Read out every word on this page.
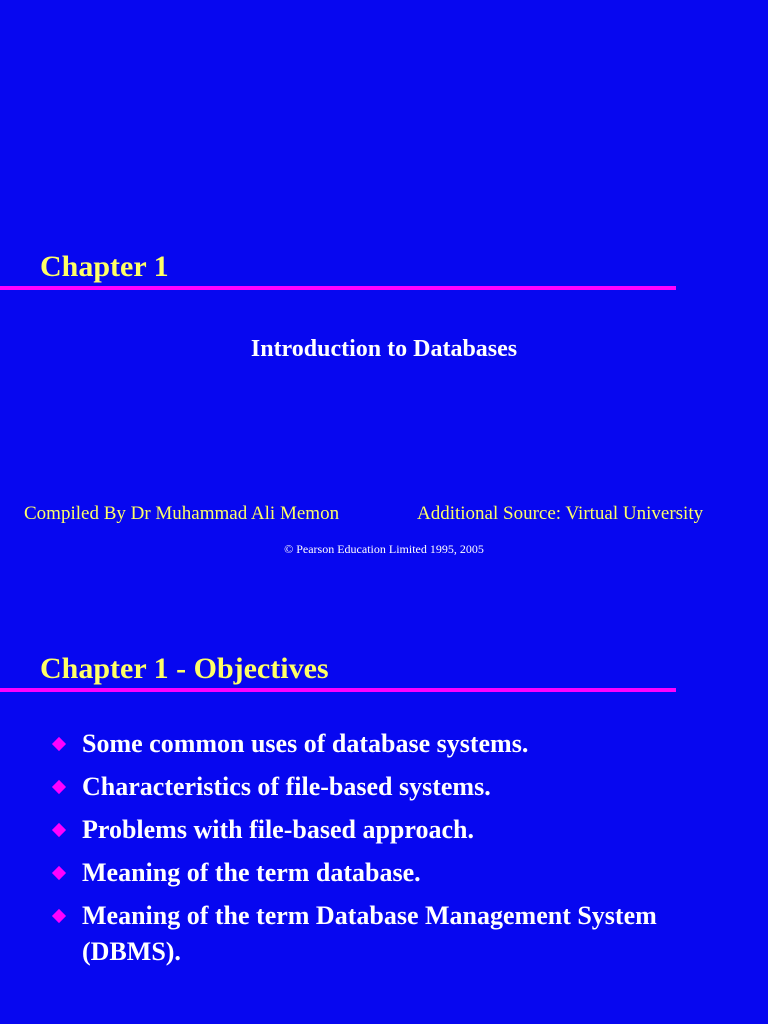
Chapter 1
Introduction to Databases
Compiled By Dr Muhammad Ali Memon	Additional Source: Virtual University
© Pearson Education Limited 1995, 2005
Chapter 1 - Objectives
Some common uses of database systems.
Characteristics of file-based systems.
Problems with file-based approach.
Meaning of the term database.
Meaning of the term Database Management System (DBMS).
